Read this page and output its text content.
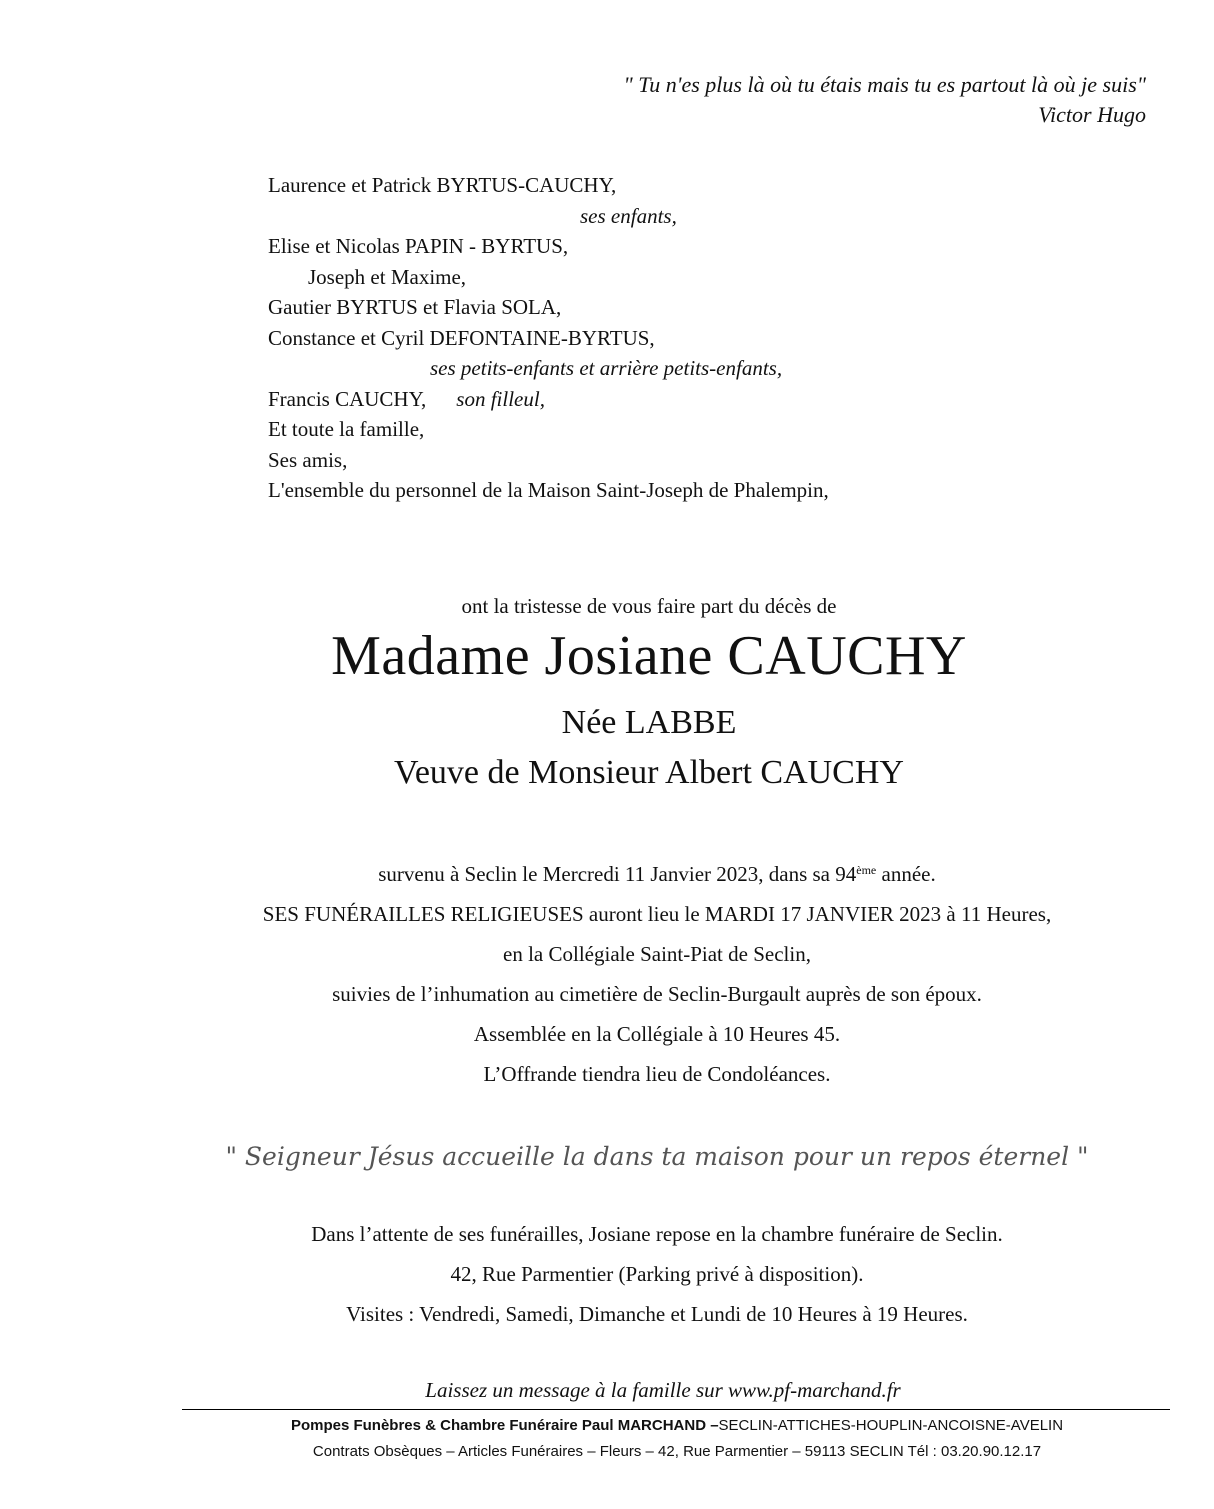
" Tu n'es plus là où tu étais mais tu es partout là où je suis"
Victor Hugo
Laurence et Patrick BYRTUS-CAUCHY,
ses enfants,
Elise et Nicolas PAPIN - BYRTUS,
Joseph et Maxime,
Gautier BYRTUS et Flavia SOLA,
Constance et Cyril DEFONTAINE-BYRTUS,
ses petits-enfants et arrière petits-enfants,
Francis CAUCHY, son filleul,
Et toute la famille,
Ses amis,
L'ensemble du personnel de la Maison Saint-Joseph de Phalempin,
ont la tristesse de vous faire part du décès de
Madame Josiane CAUCHY
Née LABBE
Veuve de Monsieur Albert CAUCHY
survenu à Seclin le Mercredi 11 Janvier 2023, dans sa 94ème année.
SES FUNÉRAILLES RELIGIEUSES auront lieu le MARDI 17 JANVIER 2023 à 11 Heures,
en la Collégiale Saint-Piat de Seclin,
suivies de l’inhumation au cimetière de Seclin-Burgault auprès de son époux.
Assemblée en la Collégiale à 10 Heures 45.
L’Offrande tiendra lieu de Condoléances.
" Seigneur Jésus accueille la dans ta maison pour un repos éternel "
Dans l’attente de ses funérailles, Josiane repose en la chambre funéraire de Seclin.
42, Rue Parmentier (Parking privé à disposition).
Visites : Vendredi, Samedi, Dimanche et Lundi de 10 Heures à 19 Heures.
Laissez un message à la famille sur www.pf-marchand.fr
Pompes Funèbres & Chambre Funéraire Paul MARCHAND –SECLIN-ATTICHES-HOUPLIN-ANCOISNE-AVELIN
Contrats Obsèques – Articles Funéraires – Fleurs – 42, Rue Parmentier – 59113 SECLIN Tél : 03.20.90.12.17
